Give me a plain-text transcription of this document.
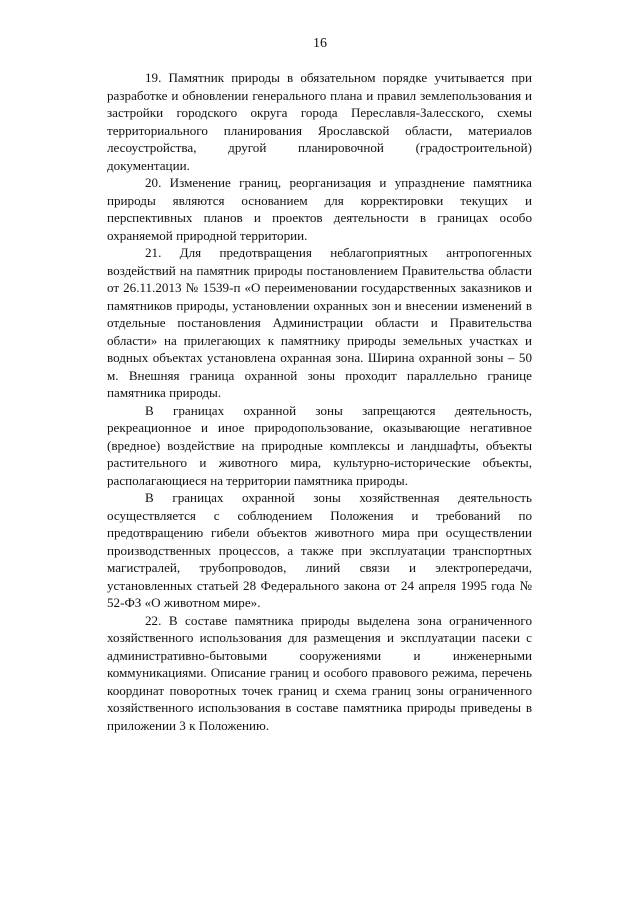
16

19. Памятник природы в обязательном порядке учитывается при разработке и обновлении генерального плана и правил землепользования и застройки городского округа города Переславля-Залесского, схемы территориального планирования Ярославской области, материалов лесоустройства, другой планировочной (градостроительной) документации.

20. Изменение границ, реорганизация и упразднение памятника природы являются основанием для корректировки текущих и перспективных планов и проектов деятельности в границах особо охраняемой природной территории.

21. Для предотвращения неблагоприятных антропогенных воздействий на памятник природы постановлением Правительства области от 26.11.2013 № 1539-п «О переименовании государственных заказников и памятников природы, установлении охранных зон и внесении изменений в отдельные постановления Администрации области и Правительства области» на прилегающих к памятнику природы земельных участках и водных объектах установлена охранная зона. Ширина охранной зоны – 50 м. Внешняя граница охранной зоны проходит параллельно границе памятника природы.

В границах охранной зоны запрещаются деятельность, рекреационное и иное природопользование, оказывающие негативное (вредное) воздействие на природные комплексы и ландшафты, объекты растительного и животного мира, культурно-исторические объекты, располагающиеся на территории памятника природы.

В границах охранной зоны хозяйственная деятельность осуществляется с соблюдением Положения и требований по предотвращению гибели объектов животного мира при осуществлении производственных процессов, а также при эксплуатации транспортных магистралей, трубопроводов, линий связи и электропередачи, установленных статьей 28 Федерального закона от 24 апреля 1995 года № 52-ФЗ «О животном мире».

22. В составе памятника природы выделена зона ограниченного хозяйственного использования для размещения и эксплуатации пасеки с административно-бытовыми сооружениями и инженерными коммуникациями. Описание границ и особого правового режима, перечень координат поворотных точек границ и схема границ зоны ограниченного хозяйственного использования в составе памятника природы приведены в приложении 3 к Положению.
